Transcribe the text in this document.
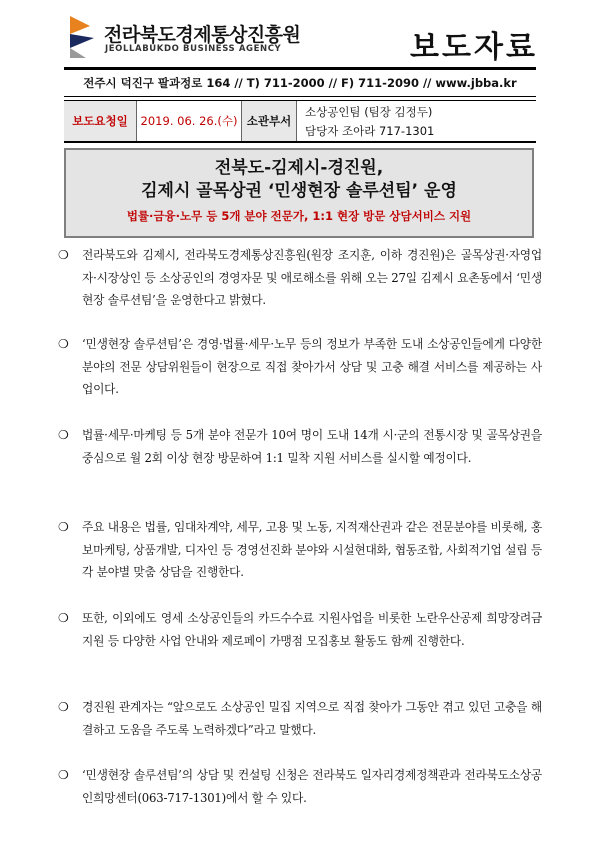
전라북도경제통상진흥원
JEOLLABUKDO BUSINESS AGENCY	보도자료
전주시 덕진구 팔과정로 164 // T) 711-2000 // F) 711-2090 // www.jbba.kr
보도요청일	2019. 06. 26.(수) 소관부서
소상공인팀 (팀장 김정두)
담당자 조아라 717-1301
전북도-김제시-경진원,
김제시 골목상권 ‘민생현장 솔루션팀’ 운영
법률·금융·노무 등 5개 분야 전문가, 1:1 현장 방문 상담서비스 지원
❍ 전라북도와 김제시, 전라북도경제통상진흥원(원장 조지훈, 이하 경진원)은 골목상권·자영업자·시장상인 등 소상공인의 경영자문 및 애로해소를 위해 오는 27일 김제시 요촌동에서 ‘민생현장 솔루션팀’을 운영한다고 밝혔다.
❍ ‘민생현장 솔루션팀’은 경영·법률·세무·노무 등의 정보가 부족한 도내 소상공인들에게 다양한 분야의 전문 상담위원들이 현장으로 직접 찾아가서 상담 및 고충 해결 서비스를 제공하는 사업이다.
❍ 법률·세무·마케팅 등 5개 분야 전문가 10여 명이 도내 14개 시·군의 전통시장 및 골목상권을 중심으로 월 2회 이상 현장 방문하여 1:1 밀착 지원 서비스를 실시할 예정이다.
❍ 주요 내용은 법률, 임대차계약, 세무, 고용 및 노동, 지적재산권과 같은 전문분야를 비롯해, 홍보마케팅, 상품개발, 디자인 등 경영선진화 분야와 시설현대화, 협동조합, 사회적기업 설립 등 각 분야별 맞춤 상담을 진행한다.
❍ 또한, 이외에도 영세 소상공인들의 카드수수료 지원사업을 비롯한 노란우산공제 희망장려금 지원 등 다양한 사업 안내와 제로페이 가맹점 모집홍보 활동도 함께 진행한다.
❍ 경진원 관계자는 “앞으로도 소상공인 밀집 지역으로 직접 찾아가 그동안 겪고 있던 고충을 해결하고 도움을 주도록 노력하겠다”라고 말했다.
❍ ‘민생현장 솔루션팀’의 상담 및 컨설팅 신청은 전라북도 일자리경제정책관과 전라북도소상공인희망센터(063-717-1301)에서 할 수 있다.
